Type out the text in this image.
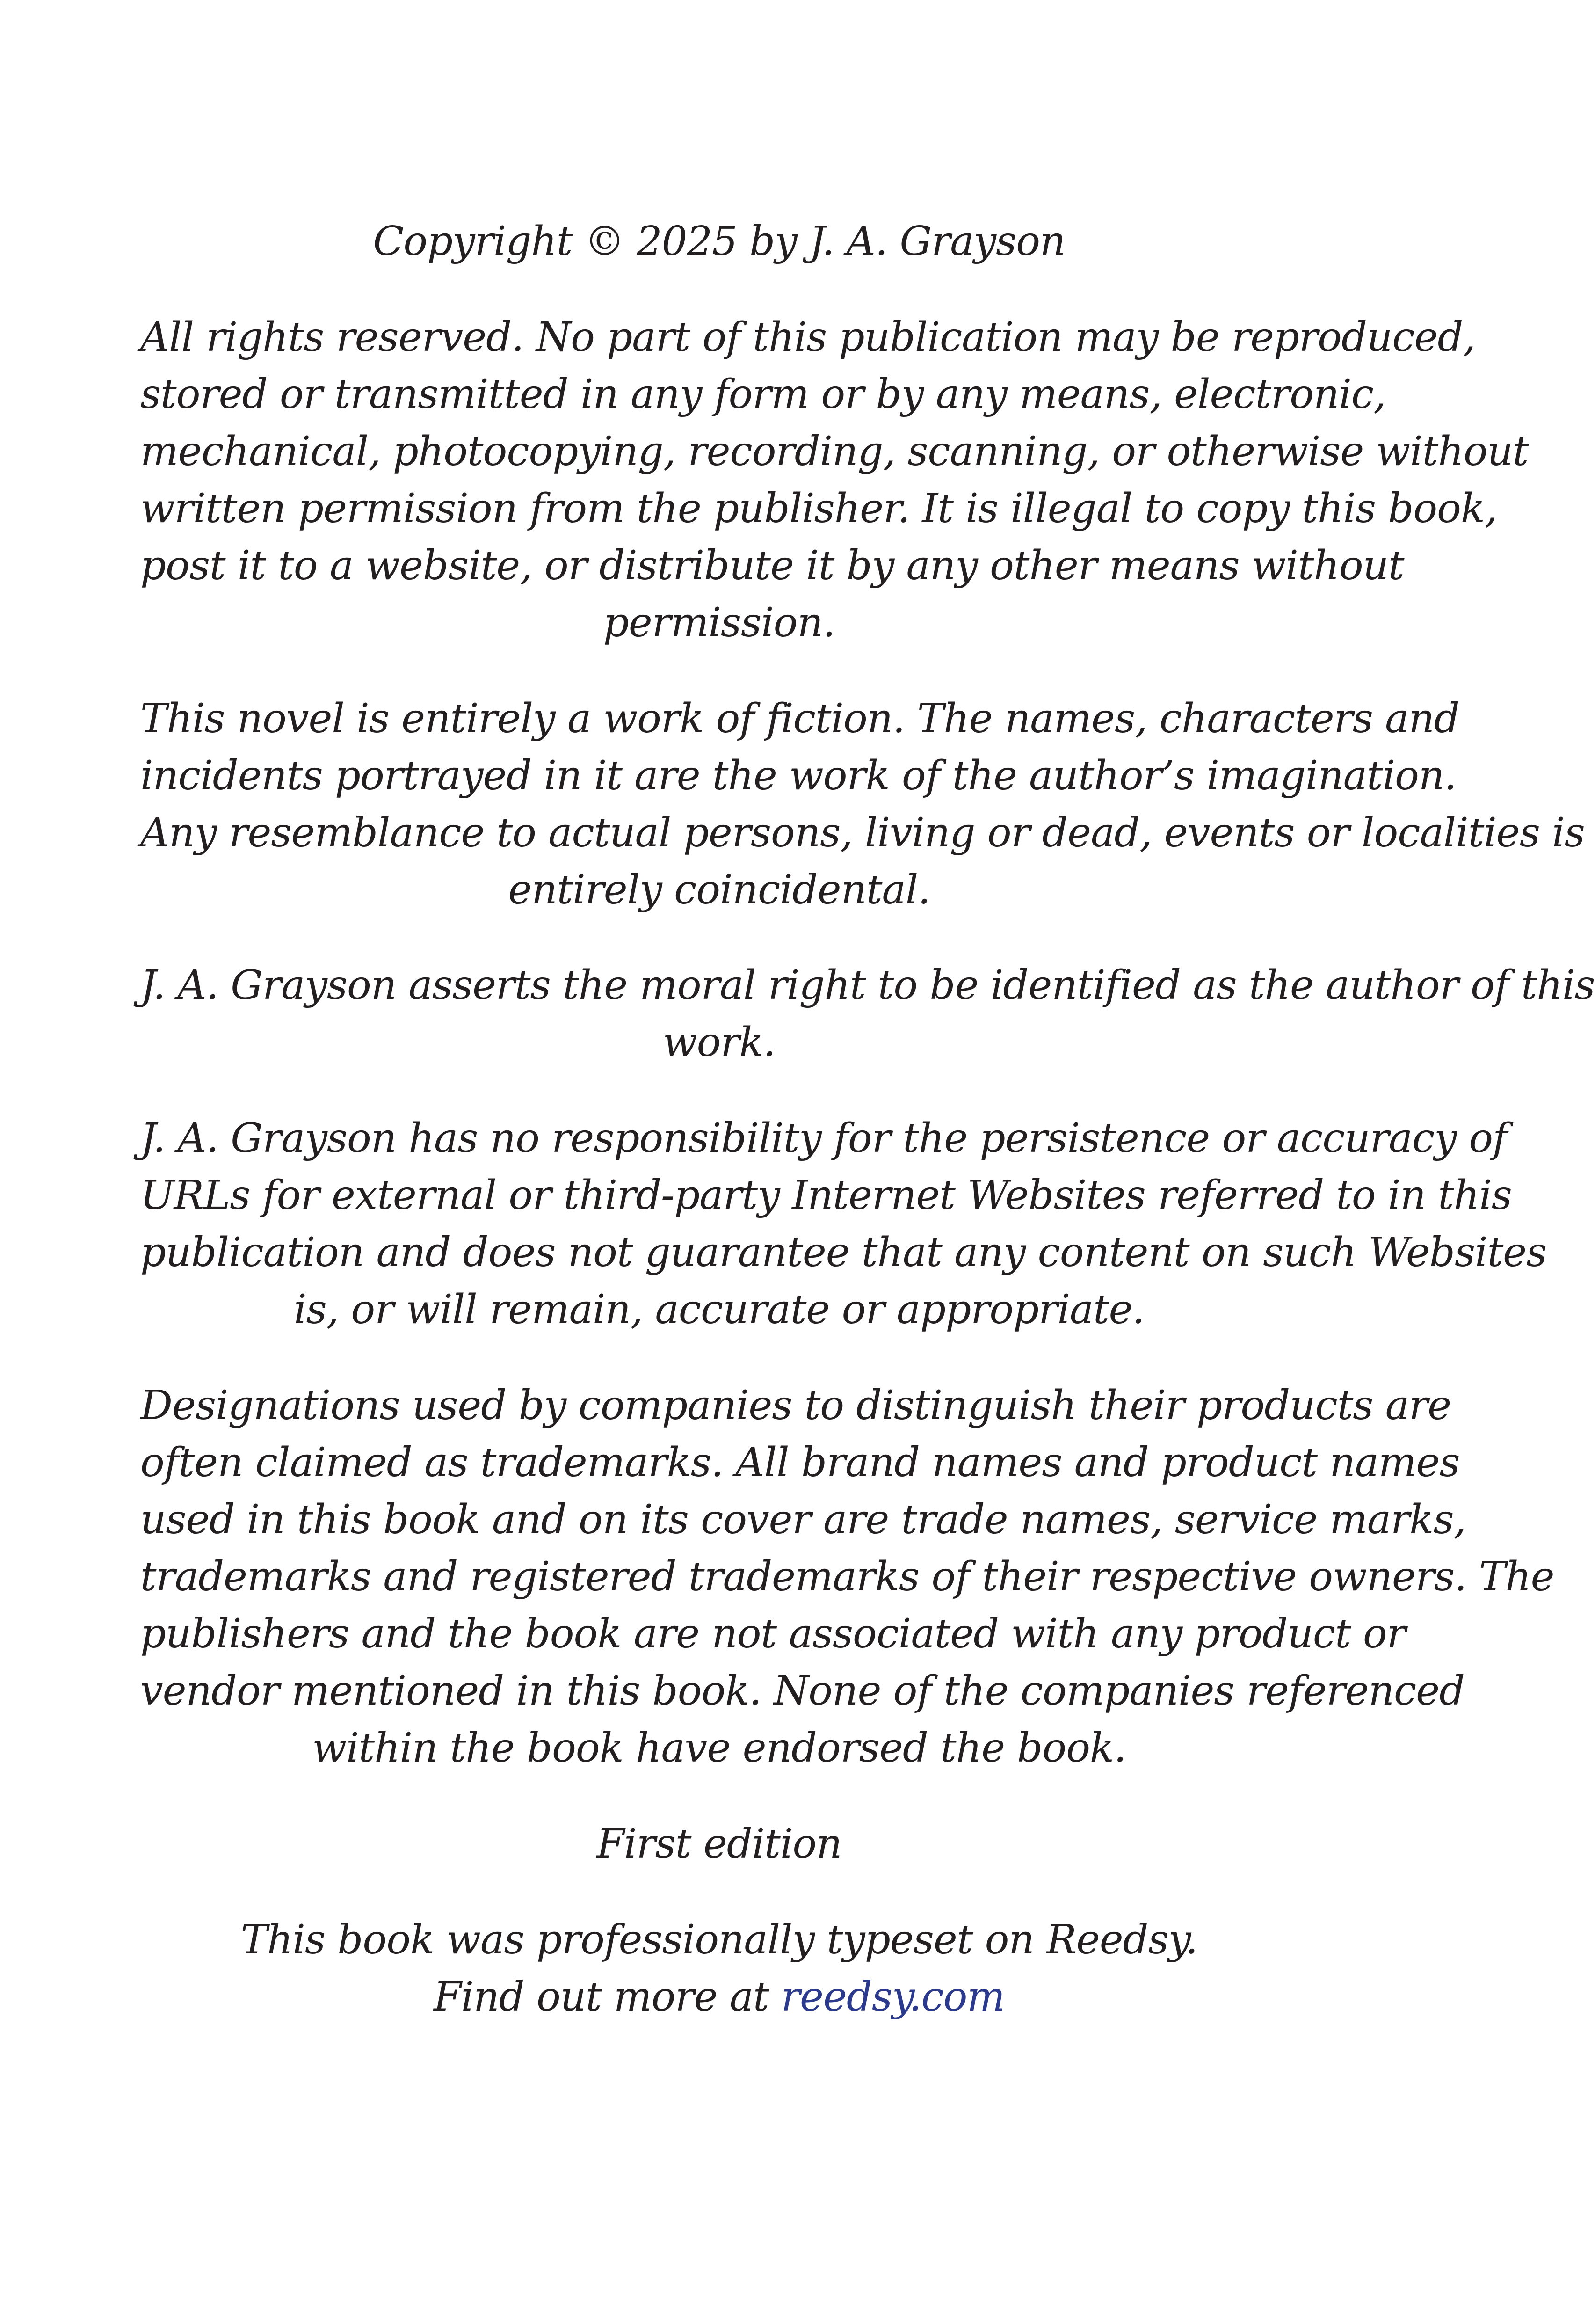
Copyright © 2025 by J. A. Grayson
All rights reserved. No part of this publication may be reproduced,
stored or transmitted in any form or by any means, electronic,
mechanical, photocopying, recording, scanning, or otherwise without
written permission from the publisher. It is illegal to copy this book,
post it to a website, or distribute it by any other means without
permission.
This novel is entirely a work of fiction. The names, characters and
incidents portrayed in it are the work of the author’s imagination.
Any resemblance to actual persons, living or dead, events or localities is
entirely coincidental.
J. A. Grayson asserts the moral right to be identified as the author of this
work.
J. A. Grayson has no responsibility for the persistence or accuracy of
URLs for external or third-party Internet Websites referred to in this
publication and does not guarantee that any content on such Websites
is, or will remain, accurate or appropriate.
Designations used by companies to distinguish their products are
often claimed as trademarks. All brand names and product names
used in this book and on its cover are trade names, service marks,
trademarks and registered trademarks of their respective owners. The
publishers and the book are not associated with any product or
vendor mentioned in this book. None of the companies referenced
within the book have endorsed the book.
First edition
This book was professionally typeset on Reedsy.
Find out more at reedsy.com
